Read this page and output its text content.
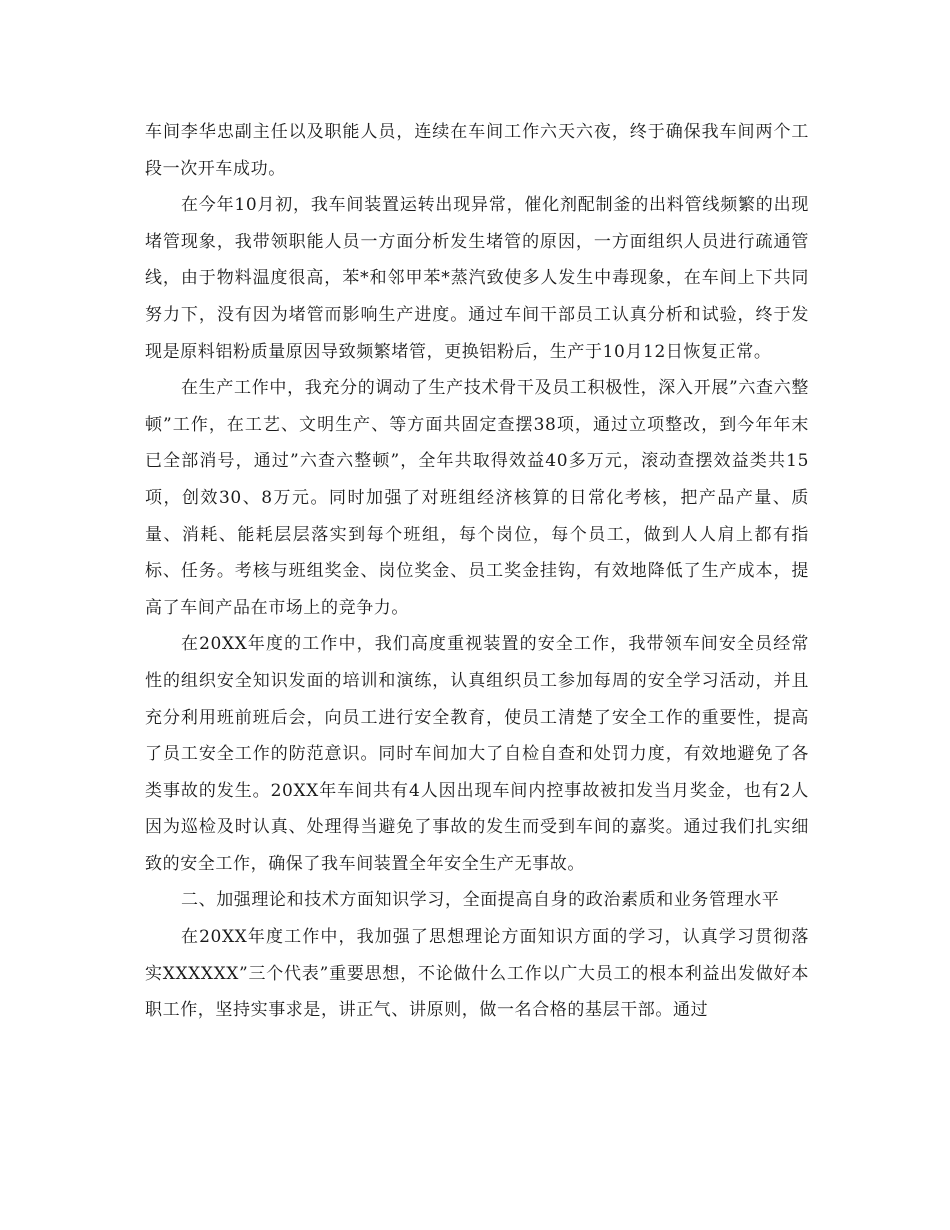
车间李华忠副主任以及职能人员，连续在车间工作六天六夜，终于确保我车间两个工段一次开车成功。

在今年10月初，我车间装置运转出现异常，催化剂配制釜的出料管线频繁的出现堵管现象，我带领职能人员一方面分析发生堵管的原因，一方面组织人员进行疏通管线，由于物料温度很高，苯*和邻甲苯*蒸汽致使多人发生中毒现象，在车间上下共同努力下，没有因为堵管而影响生产进度。通过车间干部员工认真分析和试验，终于发现是原料铝粉质量原因导致频繁堵管，更换铝粉后，生产于10月12日恢复正常。

在生产工作中，我充分的调动了生产技术骨干及员工积极性，深入开展”六查六整顿”工作，在工艺、文明生产、等方面共固定查摆38项，通过立项整改，到今年年末已全部消号，通过”六查六整顿”，全年共取得效益40多万元，滚动查摆效益类共15项，创效30、8万元。同时加强了对班组经济核算的日常化考核，把产品产量、质量、消耗、能耗层层落实到每个班组，每个岗位，每个员工，做到人人肩上都有指标、任务。考核与班组奖金、岗位奖金、员工奖金挂钩，有效地降低了生产成本，提高了车间产品在市场上的竞争力。

在20XX年度的工作中，我们高度重视装置的安全工作，我带领车间安全员经常性的组织安全知识发面的培训和演练，认真组织员工参加每周的安全学习活动，并且充分利用班前班后会，向员工进行安全教育，使员工清楚了安全工作的重要性，提高了员工安全工作的防范意识。同时车间加大了自检自查和处罚力度，有效地避免了各类事故的发生。20XX年车间共有4人因出现车间内控事故被扣发当月奖金，也有2人因为巡检及时认真、处理得当避免了事故的发生而受到车间的嘉奖。通过我们扎实细致的安全工作，确保了我车间装置全年安全生产无事故。

二、加强理论和技术方面知识学习，全面提高自身的政治素质和业务管理水平

在20XX年度工作中，我加强了思想理论方面知识方面的学习，认真学习贯彻落实XXXXXX”三个代表”重要思想，不论做什么工作以广大员工的根本利益出发做好本职工作，坚持实事求是，讲正气、讲原则，做一名合格的基层干部。通过
